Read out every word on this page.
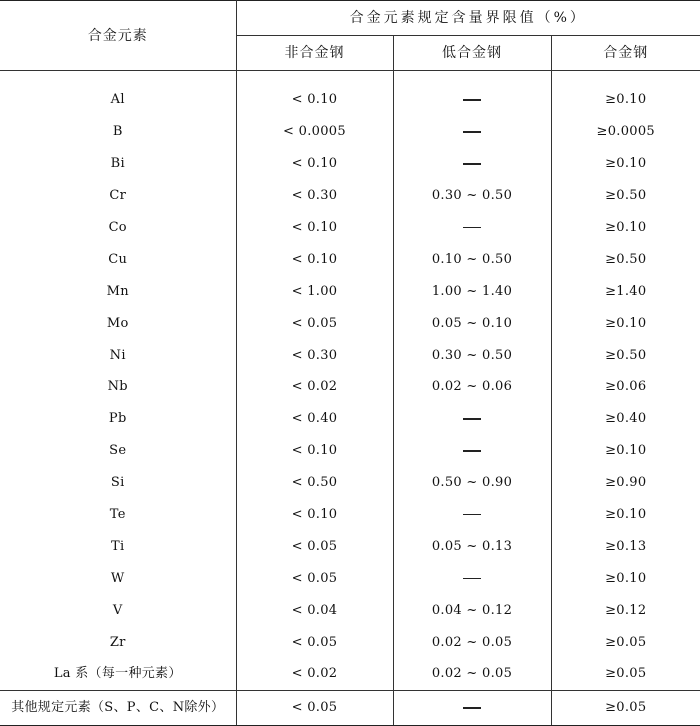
合金元素	合金元素规定含量界限值（%）		
	非合金钢	低合金钢	合金钢

Al	< 0.10		≥0.10
B	< 0.0005		≥0.0005
Bi	< 0.10		≥0.10
Cr	< 0.30	0.30 ~ 0.50	≥0.50
Co	< 0.10		≥0.10
Cu	< 0.10	0.10 ~ 0.50	≥0.50
Mn	< 1.00	1.00 ~ 1.40	≥1.40
Mo	< 0.05	0.05 ~ 0.10	≥0.10
Ni	< 0.30	0.30 ~ 0.50	≥0.50
Nb	< 0.02	0.02 ~ 0.06	≥0.06
Pb	< 0.40		≥0.40
Se	< 0.10		≥0.10
Si	< 0.50	0.50 ~ 0.90	≥0.90
Te	< 0.10		≥0.10
Ti	< 0.05	0.05 ~ 0.13	≥0.13
W	< 0.05		≥0.10
V	< 0.04	0.04 ~ 0.12	≥0.12
Zr	< 0.05	0.02 ~ 0.05	≥0.05
La 系（每一种元素）	< 0.02	0.02 ~ 0.05	≥0.05
其他规定元素（S、P、C、N除外）	< 0.05		≥0.05
